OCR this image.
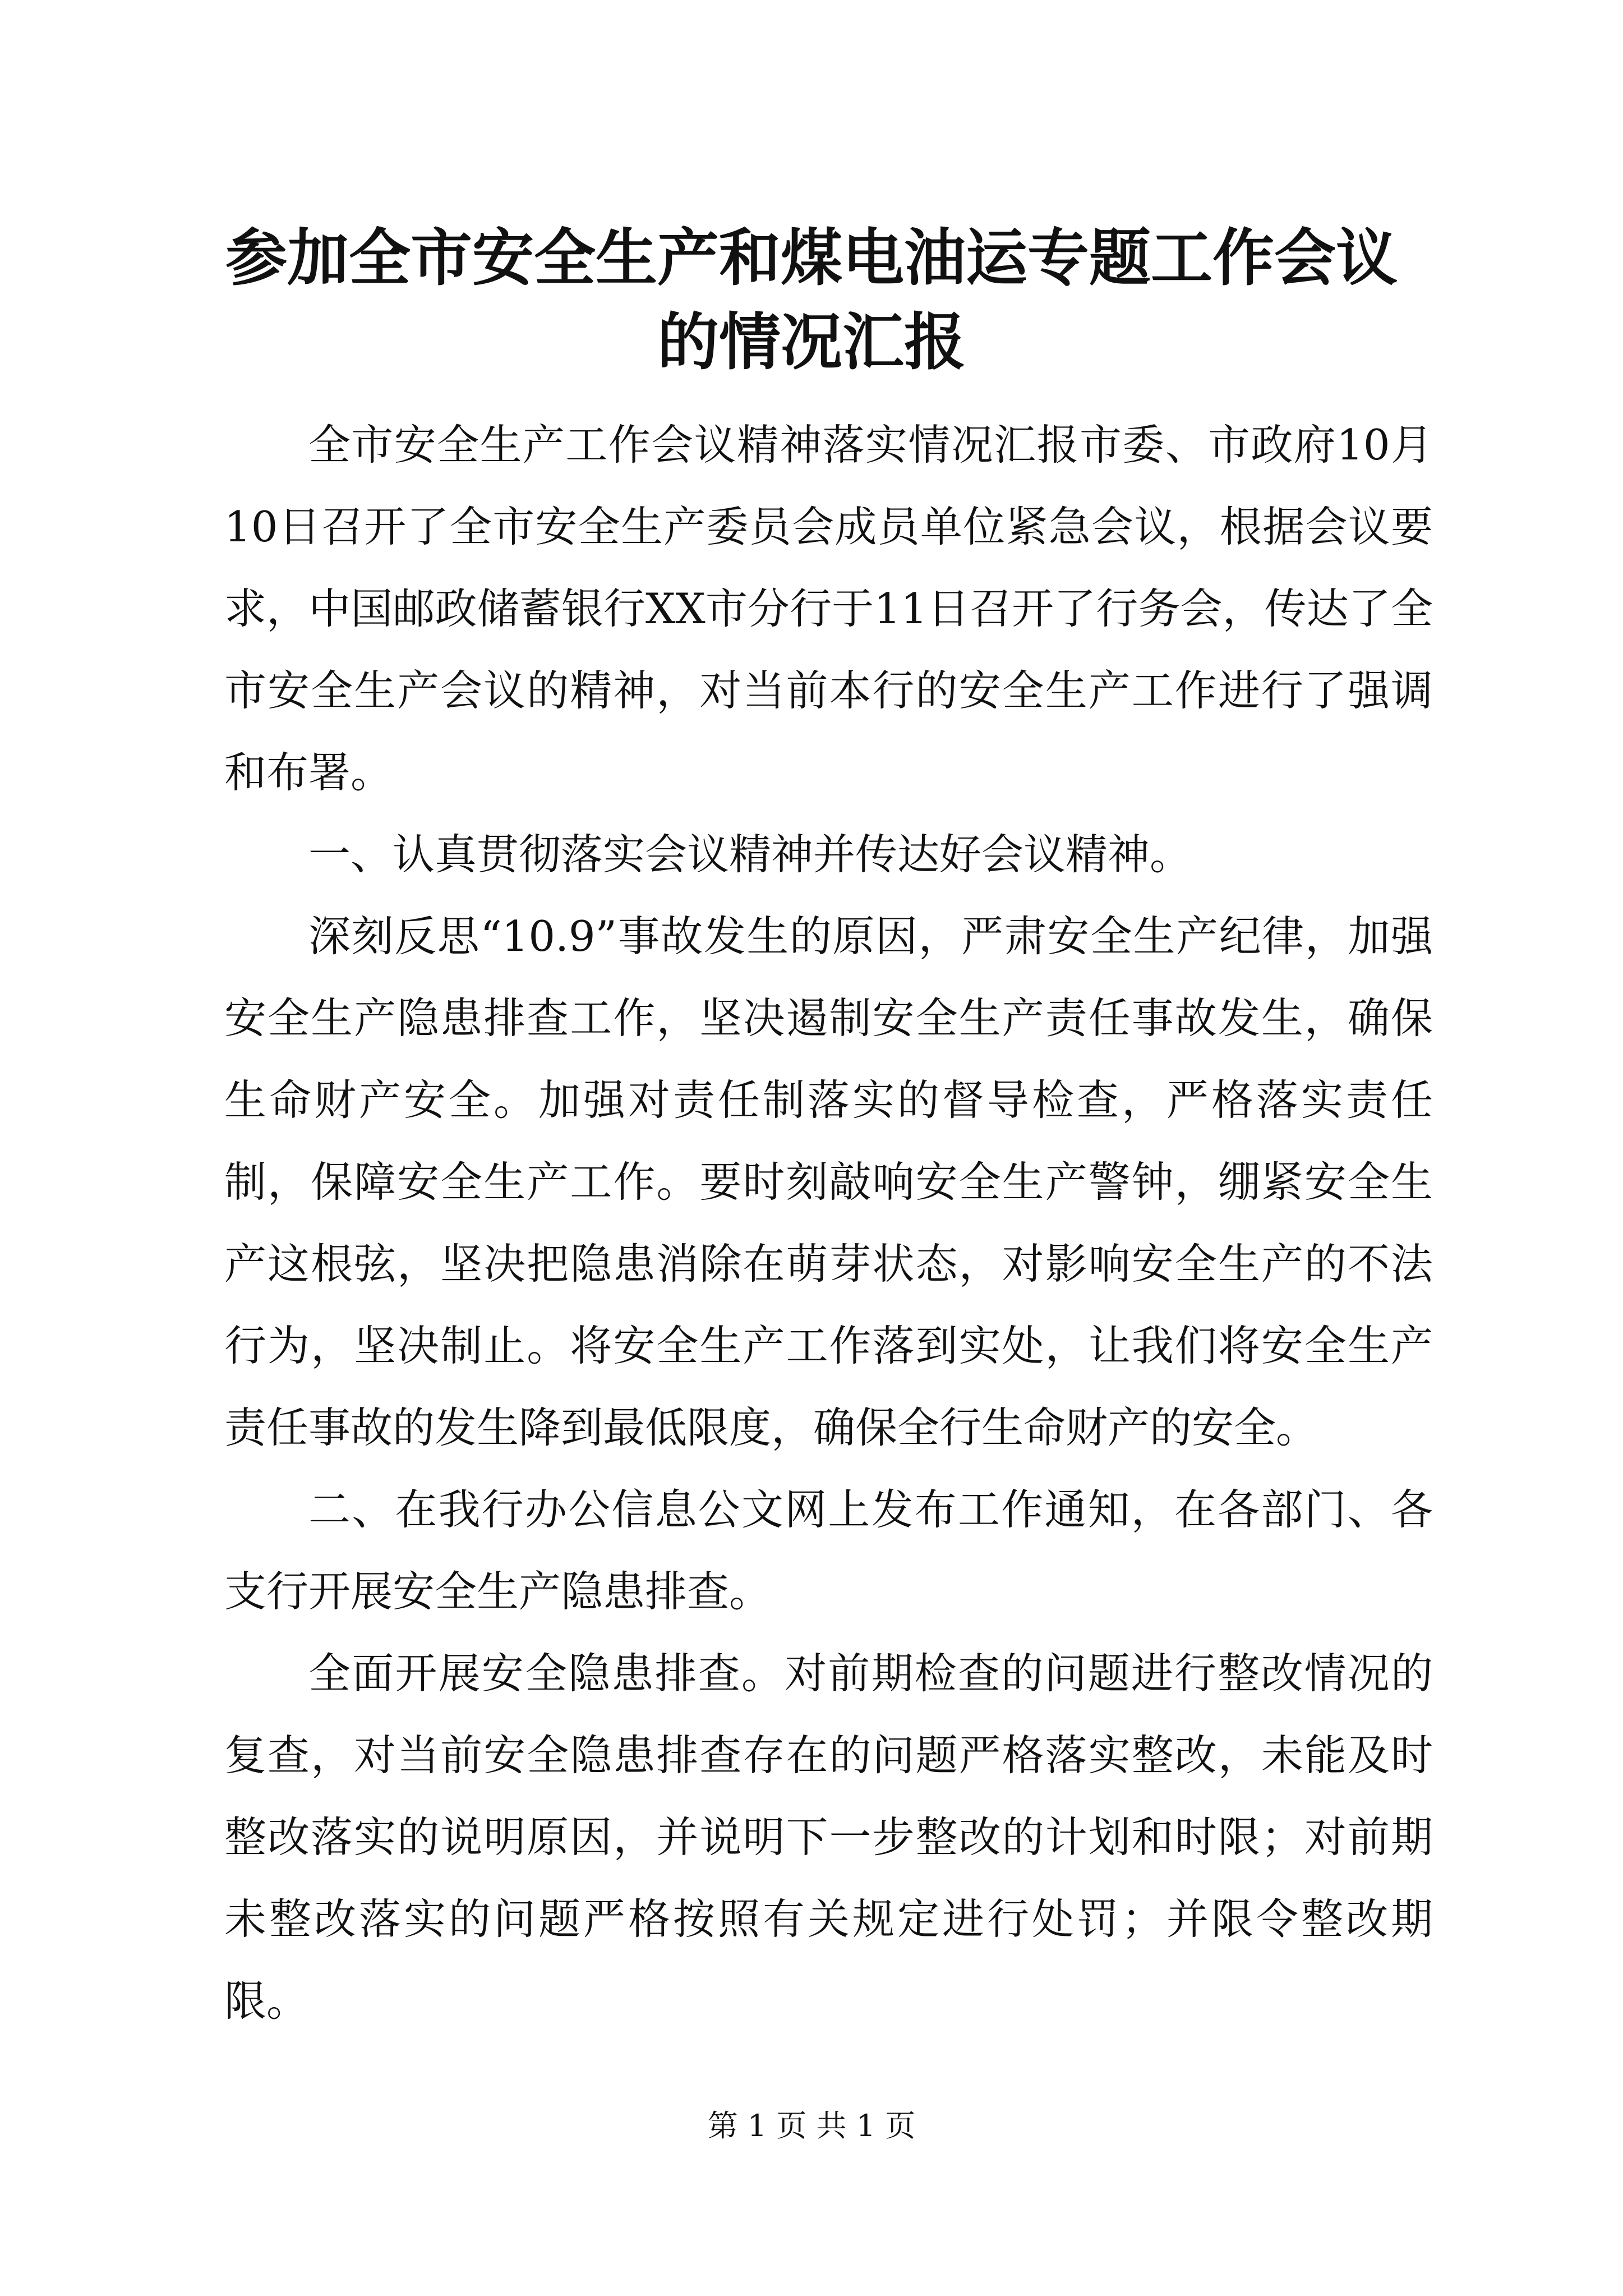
参加全市安全生产和煤电油运专题工作会议的情况汇报

全市安全生产工作会议精神落实情况汇报市委、市政府10月10日召开了全市安全生产委员会成员单位紧急会议，根据会议要求，中国邮政储蓄银行XX市分行于11日召开了行务会，传达了全市安全生产会议的精神，对当前本行的安全生产工作进行了强调和布署。

一、认真贯彻落实会议精神并传达好会议精神。

深刻反思“10.9”事故发生的原因，严肃安全生产纪律，加强安全生产隐患排查工作，坚决遏制安全生产责任事故发生，确保生命财产安全。加强对责任制落实的督导检查，严格落实责任制，保障安全生产工作。要时刻敲响安全生产警钟，绷紧安全生产这根弦，坚决把隐患消除在萌芽状态，对影响安全生产的不法行为，坚决制止。将安全生产工作落到实处，让我们将安全生产责任事故的发生降到最低限度，确保全行生命财产的安全。

二、在我行办公信息公文网上发布工作通知，在各部门、各支行开展安全生产隐患排查。

全面开展安全隐患排查。对前期检查的问题进行整改情况的复查，对当前安全隐患排查存在的问题严格落实整改，未能及时整改落实的说明原因，并说明下一步整改的计划和时限；对前期未整改落实的问题严格按照有关规定进行处罚；并限令整改期限。

第 1 页 共 1 页
